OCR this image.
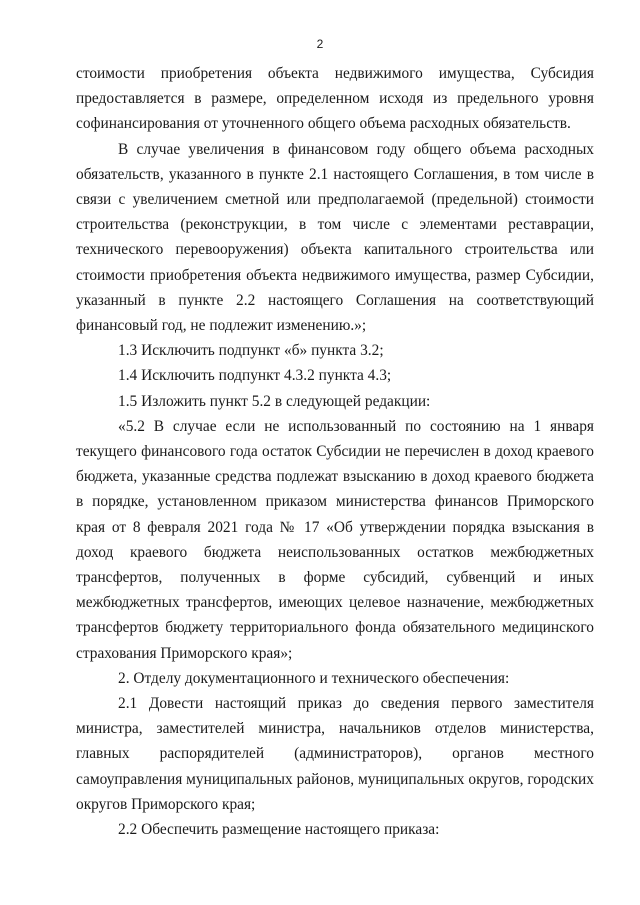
2

стоимости приобретения объекта недвижимого имущества, Субсидия предоставляется в размере, определенном исходя из предельного уровня софинансирования от уточненного общего объема расходных обязательств.

В случае увеличения в финансовом году общего объема расходных обязательств, указанного в пункте 2.1 настоящего Соглашения, в том числе в связи с увеличением сметной или предполагаемой (предельной) стоимости строительства (реконструкции, в том числе с элементами реставрации, технического перевооружения) объекта капитального строительства или стоимости приобретения объекта недвижимого имущества, размер Субсидии, указанный в пункте 2.2 настоящего Соглашения на соответствующий финансовый год, не подлежит изменению.»;

1.3 Исключить подпункт «б» пункта 3.2;

1.4 Исключить подпункт 4.3.2 пункта 4.3;

1.5 Изложить пункт 5.2 в следующей редакции:

«5.2 В случае если не использованный по состоянию на 1 января текущего финансового года остаток Субсидии не перечислен в доход краевого бюджета, указанные средства подлежат взысканию в доход краевого бюджета в порядке, установленном приказом министерства финансов Приморского края от 8 февраля 2021 года № 17 «Об утверждении порядка взыскания в доход краевого бюджета неиспользованных остатков межбюджетных трансфертов, полученных в форме субсидий, субвенций и иных межбюджетных трансфертов, имеющих целевое назначение, межбюджетных трансфертов бюджету территориального фонда обязательного медицинского страхования Приморского края»;

2. Отделу документационного и технического обеспечения:

2.1 Довести настоящий приказ до сведения первого заместителя министра, заместителей министра, начальников отделов министерства, главных распорядителей (администраторов), органов местного самоуправления муниципальных районов, муниципальных округов, городских округов Приморского края;

2.2 Обеспечить размещение настоящего приказа:
